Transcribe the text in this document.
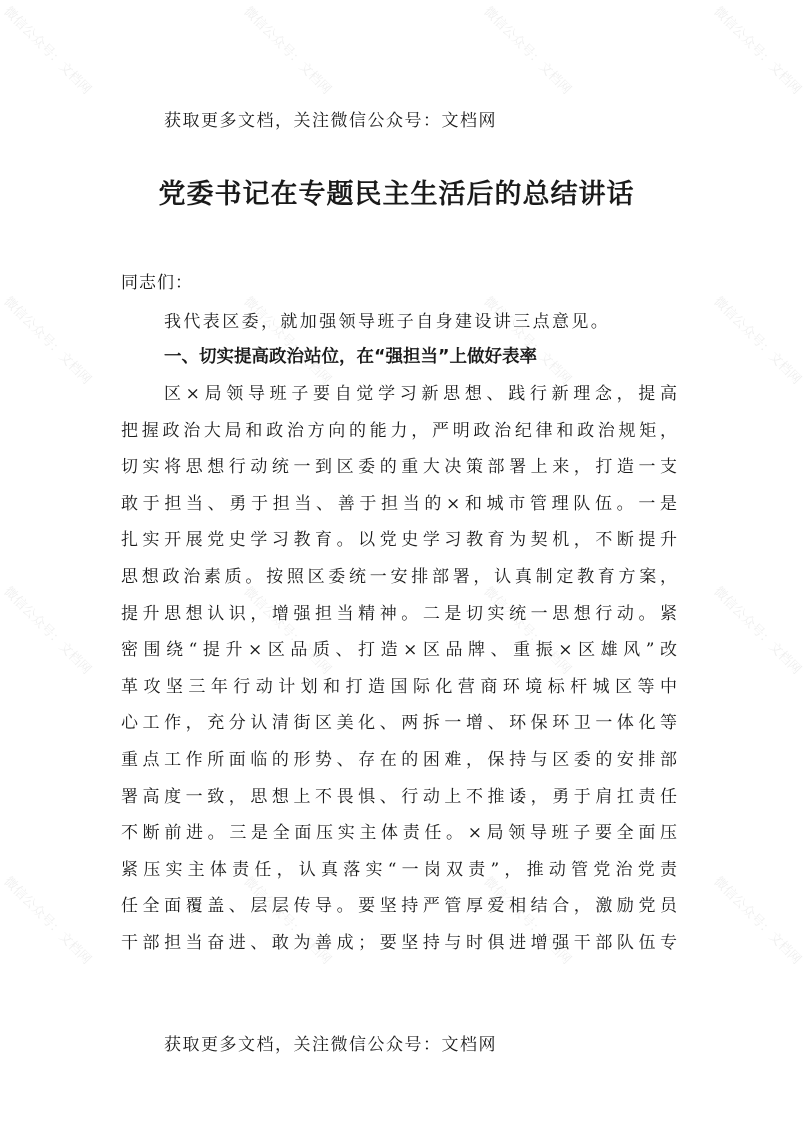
微信公众号：文档网	微信公众号：文档网	微信公众号：文档网	微信公众号：文档网
微信公众号：文档网	微信公众号：文档网	微信公众号：文档网	微信公众号：文档网
微信公众号：文档网	微信公众号：文档网	微信公众号：文档网	微信公众号：文档网
微信公众号：文档网	微信公众号：文档网	微信公众号：文档网	微信公众号：文档网
获取更多文档，关注微信公众号：文档网
党委书记在专题民主生活后的总结讲话
同志们：
我代表区委，就加强领导班子自身建设讲三点意见。
一、切实提高政治站位，在“强担当”上做好表率
区×局领导班子要自觉学习新思想、践行新理念，提高
把握政治大局和政治方向的能力，严明政治纪律和政治规矩，
切实将思想行动统一到区委的重大决策部署上来，打造一支
敢于担当、勇于担当、善于担当的×和城市管理队伍。一是
扎实开展党史学习教育。以党史学习教育为契机，不断提升
思想政治素质。按照区委统一安排部署，认真制定教育方案，
提升思想认识，增强担当精神。二是切实统一思想行动。紧
密围绕“提升×区品质、打造×区品牌、重振×区雄风”改
革攻坚三年行动计划和打造国际化营商环境标杆城区等中
心工作，充分认清街区美化、两拆一增、环保环卫一体化等
重点工作所面临的形势、存在的困难，保持与区委的安排部
署高度一致，思想上不畏惧、行动上不推诿，勇于肩扛责任
不断前进。三是全面压实主体责任。×局领导班子要全面压
紧压实主体责任，认真落实“一岗双责”，推动管党治党责
任全面覆盖、层层传导。要坚持严管厚爱相结合，激励党员
干部担当奋进、敢为善成；要坚持与时俱进增强干部队伍专
获取更多文档，关注微信公众号：文档网
